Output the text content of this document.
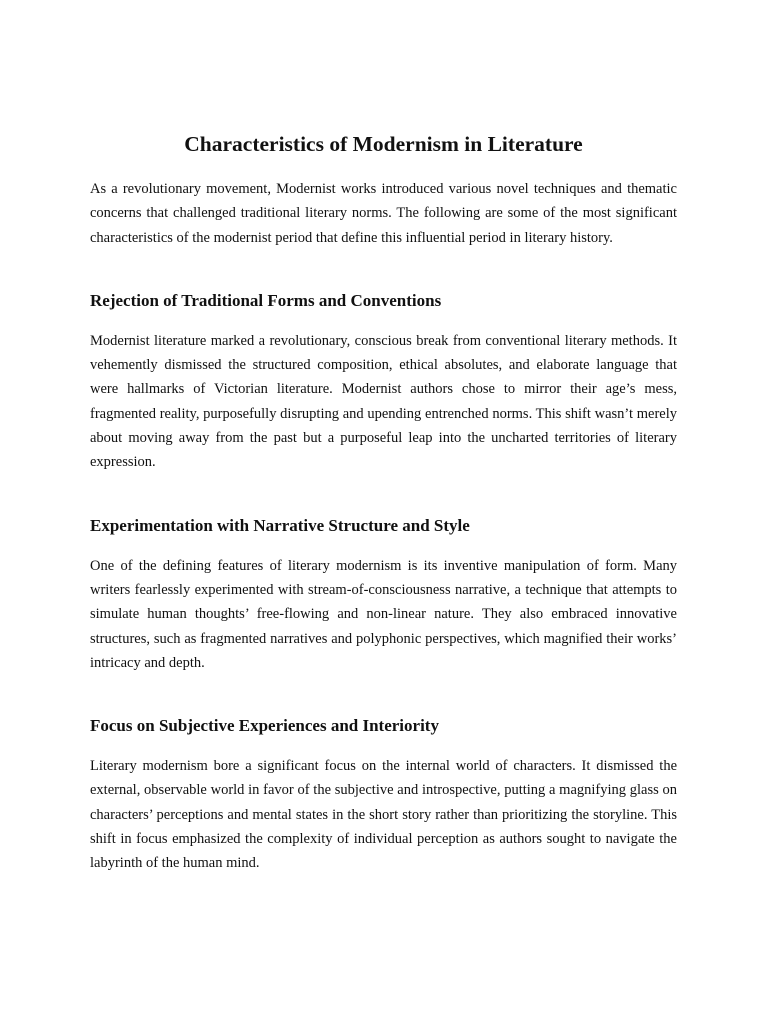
Characteristics of Modernism in Literature

As a revolutionary movement, Modernist works introduced various novel techniques and thematic concerns that challenged traditional literary norms. The following are some of the most significant characteristics of the modernist period that define this influential period in literary history.

Rejection of Traditional Forms and Conventions

Modernist literature marked a revolutionary, conscious break from conventional literary methods. It vehemently dismissed the structured composition, ethical absolutes, and elaborate language that were hallmarks of Victorian literature. Modernist authors chose to mirror their age’s mess, fragmented reality, purposefully disrupting and upending entrenched norms. This shift wasn’t merely about moving away from the past but a purposeful leap into the uncharted territories of literary expression.

Experimentation with Narrative Structure and Style

One of the defining features of literary modernism is its inventive manipulation of form. Many writers fearlessly experimented with stream-of-consciousness narrative, a technique that attempts to simulate human thoughts’ free-flowing and non-linear nature. They also embraced innovative structures, such as fragmented narratives and polyphonic perspectives, which magnified their works’ intricacy and depth.

Focus on Subjective Experiences and Interiority

Literary modernism bore a significant focus on the internal world of characters. It dismissed the external, observable world in favor of the subjective and introspective, putting a magnifying glass on characters’ perceptions and mental states in the short story rather than prioritizing the storyline. This shift in focus emphasized the complexity of individual perception as authors sought to navigate the labyrinth of the human mind.
